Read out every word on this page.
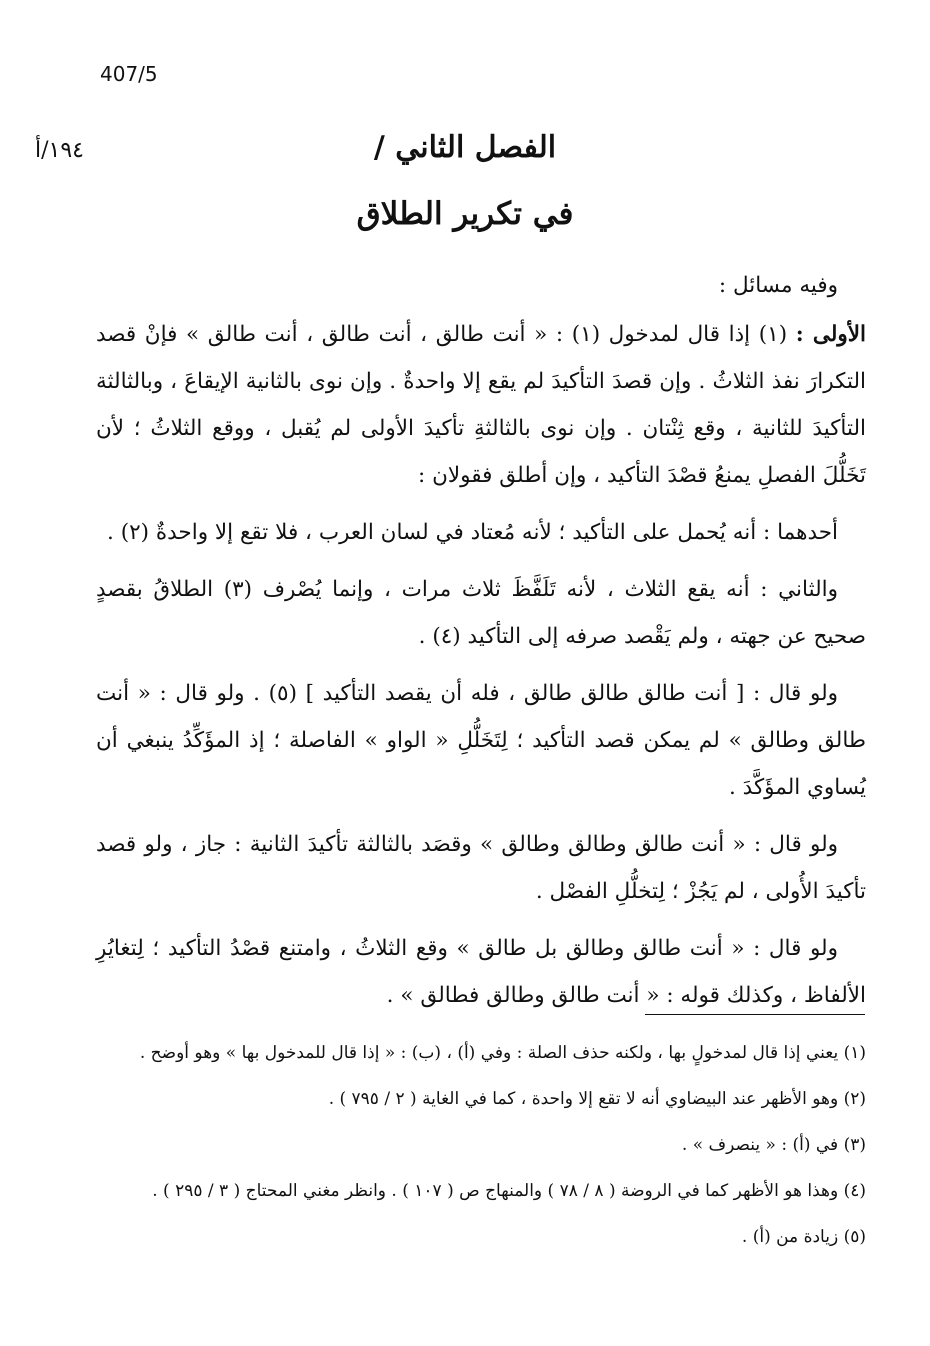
407/5
١٩٤/أ	الفصل الثاني /
في تكرير الطلاق

وفيه مسائل :

الأولى : (١) إذا قال لمدخول (١) : « أنت طالق ، أنت طالق ، أنت طالق » فإنْ قصد التكرارَ نفذ الثلاثُ . وإن قصدَ التأكيدَ لم يقع إلا واحدةٌ . وإن نوى بالثانية الإيقاعَ ، وبالثالثة التأكيدَ للثانية ، وقع ثِنْتان . وإن نوى بالثالثةِ تأكيدَ الأولى لم يُقبل ، ووقع الثلاثُ ؛ لأن تَخَلُّلَ الفصلِ يمنعُ قصْدَ التأكيد ، وإن أطلق فقولان :

أحدهما : أنه يُحمل على التأكيد ؛ لأنه مُعتاد في لسان العرب ، فلا تقع إلا واحدةٌ (٢) .

والثاني : أنه يقع الثلاث ، لأنه تَلَفَّظَ ثلاث مرات ، وإنما يُصْرف (٣) الطلاقُ بقصدٍ صحيح عن جهته ، ولم يَقْصد صرفه إلى التأكيد (٤) .

ولو قال : [ أنت طالق طالق طالق ، فله أن يقصد التأكيد ] (٥) . ولو قال : « أنت طالق وطالق » لم يمكن قصد التأكيد ؛ لِتَخَلُّلِ « الواو » الفاصلة ؛ إذ المؤَكِّدُ ينبغي أن يُساوي المؤَكَّدَ .

ولو قال : « أنت طالق وطالق وطالق » وقصَد بالثالثة تأكيدَ الثانية : جاز ، ولو قصد تأكيدَ الأُولى ، لم يَجُزْ ؛ لِتخلُّلِ الفصْل .

ولو قال : « أنت طالق وطالق بل طالق » وقع الثلاثُ ، وامتنع قصْدُ التأكيد ؛ لِتغايُرِ الألفاظ ، وكذلك قوله : « أنت طالق وطالق فطالق » .

(١) يعني إذا قال لمدخولٍ بها ، ولكنه حذف الصلة : وفي (أ) ، (ب) : « إذا قال للمدخول بها » وهو أوضح .

(٢) وهو الأظهر عند البيضاوي أنه لا تقع إلا واحدة ، كما في الغاية ( ٢ / ٧٩٥ ) .

(٣) في (أ) : « ينصرف » .

(٤) وهذا هو الأظهر كما في الروضة ( ٨ / ٧٨ ) والمنهاج ص ( ١٠٧ ) . وانظر مغني المحتاج ( ٣ / ٢٩٥ ) .

(٥) زيادة من (أ) .
